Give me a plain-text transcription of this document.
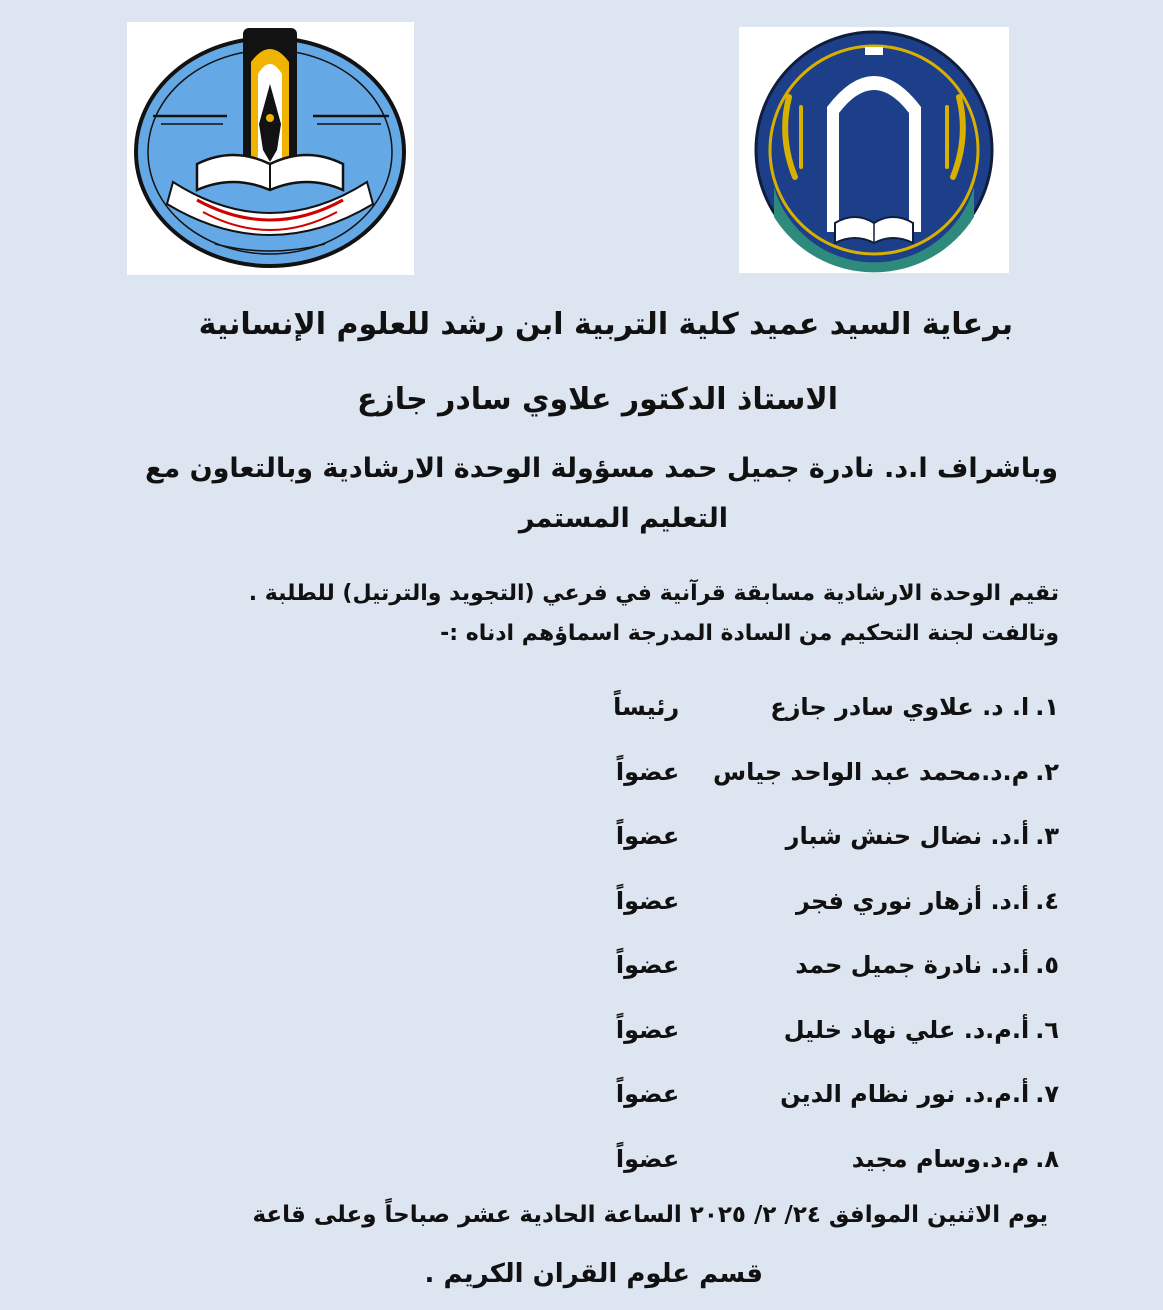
برعاية السيد عميد كلية التربية ابن رشد للعلوم الإنسانية
الاستاذ الدكتور علاوي سادر جازع
وباشراف ا.د. نادرة جميل حمد مسؤولة الوحدة الارشادية وبالتعاون مع
التعليم المستمر
تقيم الوحدة الارشادية مسابقة قرآنية في فرعي (التجويد والترتيل) للطلبة .
وتالفت لجنة التحكيم من السادة المدرجة اسماؤهم ادناه :-
١.
ا. د. علاوي سادر جازع
رئيساً
٢.
م.د.محمد عبد الواحد جياس
عضواً
٣.
أ.د. نضال حنش شبار
عضواً
٤.
أ.د. أزهار نوري فجر
عضواً
٥.
أ.د. نادرة جميل حمد
عضواً
٦.
أ.م.د. علي نهاد خليل
عضواً
٧.
أ.م.د. نور نظام الدين
عضواً
٨.
م.د.وسام مجيد
عضواً
يوم الاثنين الموافق ٢٤/ ٢/ ٢٠٢٥ الساعة الحادية عشر صباحاً وعلى قاعة
قسم علوم القران الكريم .
